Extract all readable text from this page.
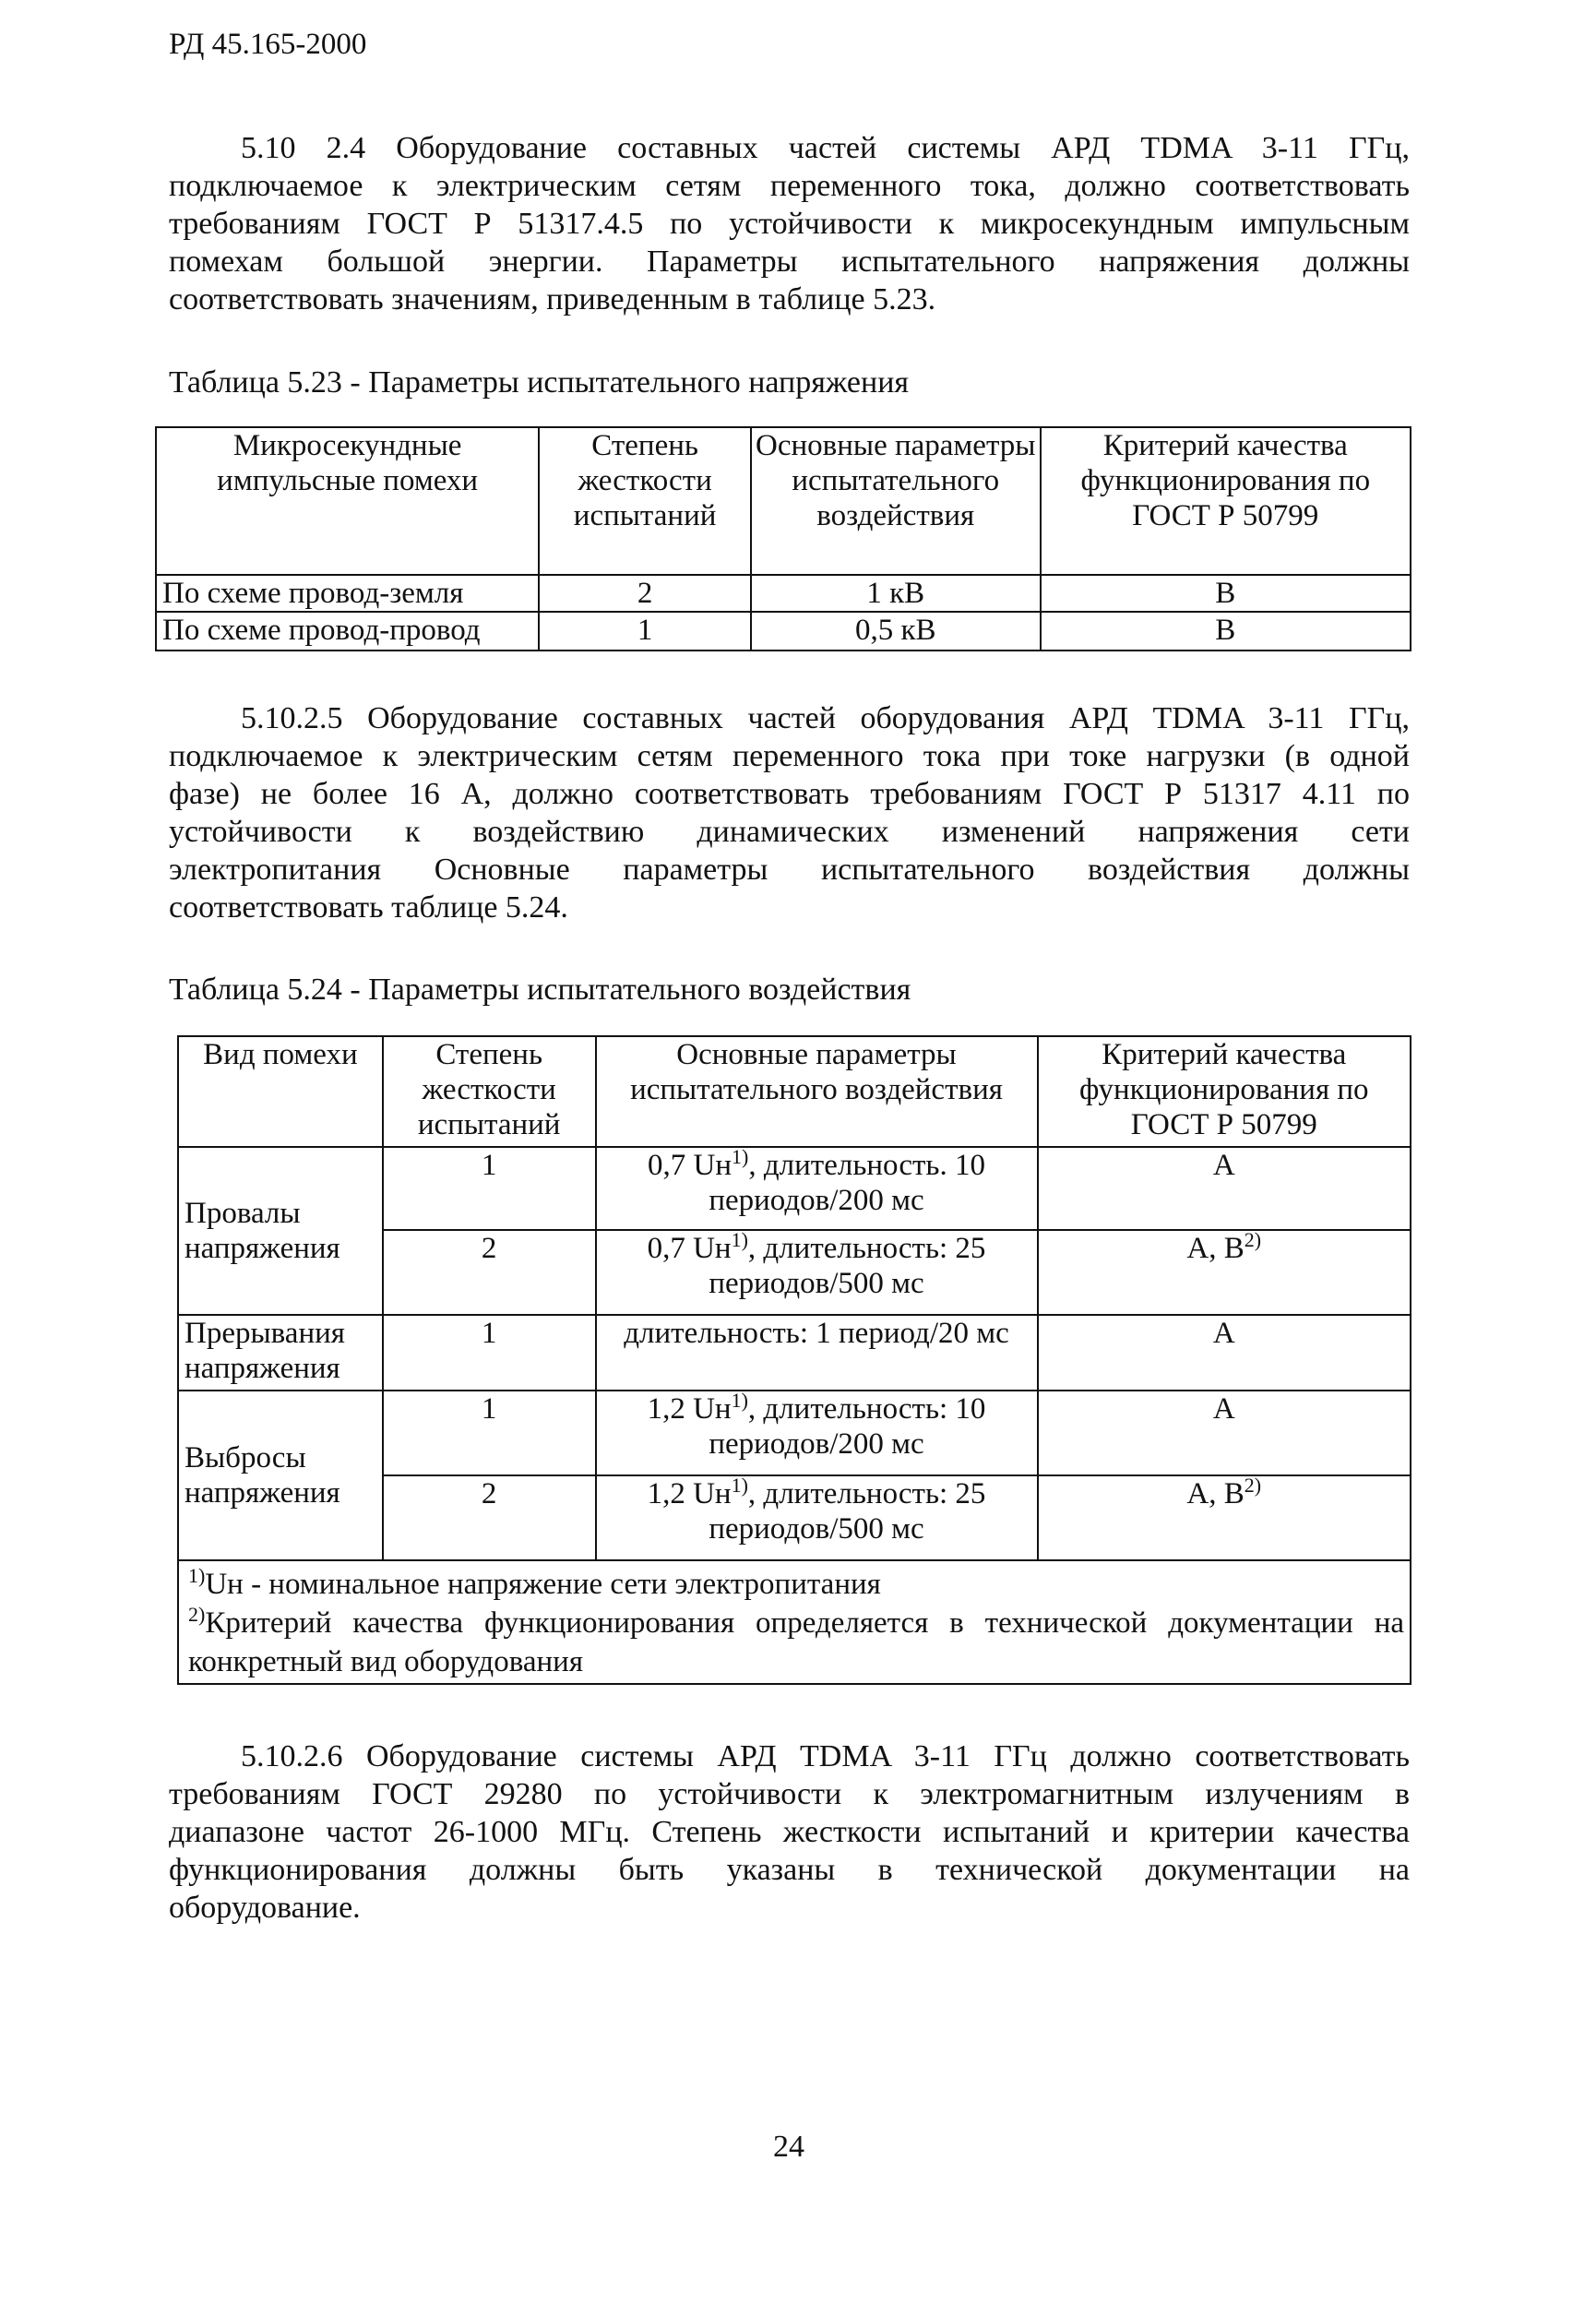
РД 45.165-2000
5.10 2.4 Оборудование составных частей системы АРД TDMA 3-11 ГГц,
подключаемое к электрическим сетям переменного тока, должно соответствовать
требованиям ГОСТ Р 51317.4.5 по устойчивости к микросекундным импульсным
помехам большой энергии. Параметры испытательного напряжения должны
соответствовать значениям, приведенным в таблице 5.23.
Таблица 5.23 - Параметры испытательного напряжения
Микросекундные импульсные помехи	Степень жесткости испытаний	Основные параметры испытательного воздействия	Критерий качества функционирования по ГОСТ Р 50799
По схеме провод-земля	2	1 кВ	В
По схеме провод-провод	1	0,5 кВ	В
5.10.2.5 Оборудование составных частей оборудования АРД TDMA 3-11 ГГц,
подключаемое к электрическим сетям переменного тока при токе нагрузки (в одной
фазе) не более 16 А, должно соответствовать требованиям ГОСТ Р 51317 4.11 по
устойчивости к воздействию динамических изменений напряжения сети
электропитания Основные параметры испытательного воздействия должны
соответствовать таблице 5.24.
Таблица 5.24 - Параметры испытательного воздействия
Вид помехи	Степень жесткости испытаний	Основные параметры испытательного воздействия	Критерий качества функционирования по ГОСТ Р 50799
Провалы напряжения	1	0,7 $Uн^{1)}$, длительность. 10 периодов/200 мс	А
	2	0,7 $Uн^{1)}$, длительность: 25 периодов/500 мс	А, $В^{2)}$
Прерывания напряжения	1	длительность: 1 период/20 мс	А
Выбросы напряжения	1	1,2 $Uн^{1)}$, длительность: 10 периодов/200 мс	А
	2	1,2 $Uн^{1)}$, длительность: 25 периодов/500 мс	А, $В^{2)}$

$^{1)}$Uн - номинальное напряжение сети электропитания
$^{2)}$Критерий качества функционирования определяется в технической документации на конкретный вид оборудования			
5.10.2.6 Оборудование системы АРД TDMA 3-11 ГГц должно соответствовать
требованиям ГОСТ 29280 по устойчивости к электромагнитным излучениям в
диапазоне частот 26-1000 МГц. Степень жесткости испытаний и критерии качества
функционирования должны быть указаны в технической документации на
оборудование.
24
